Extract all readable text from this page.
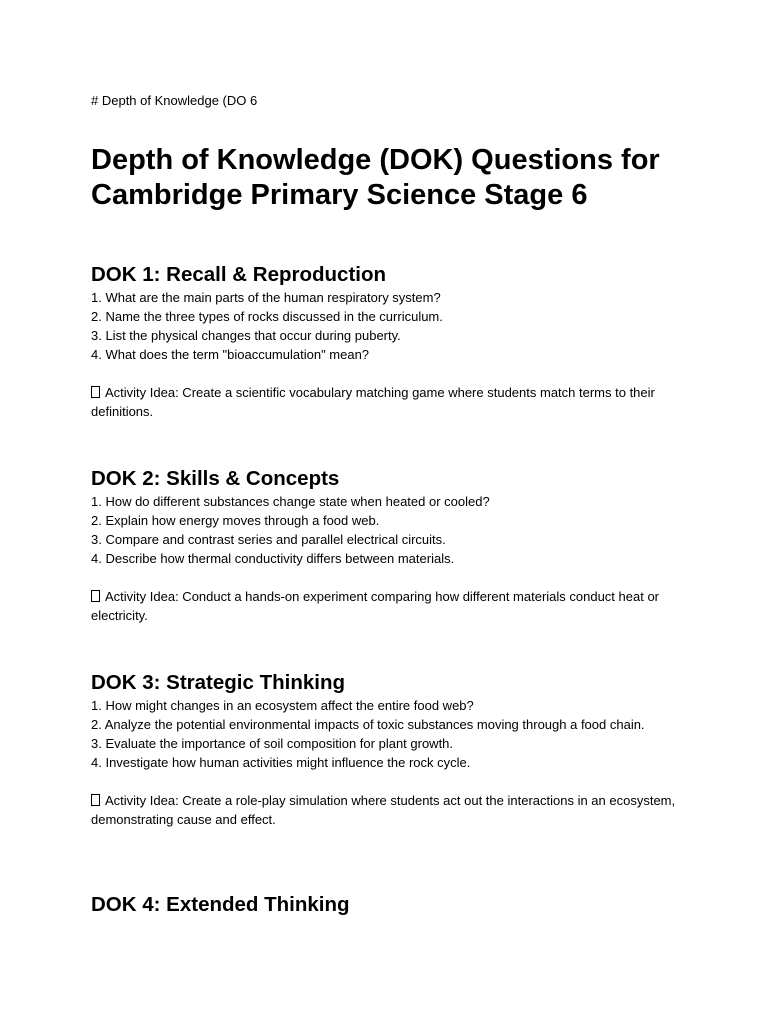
# Depth of Knowledge (DO 6
Depth of Knowledge (DOK) Questions for Cambridge Primary Science Stage 6
DOK 1: Recall & Reproduction
1. What are the main parts of the human respiratory system?
2. Name the three types of rocks discussed in the curriculum.
3. List the physical changes that occur during puberty.
4. What does the term "bioaccumulation" mean?

Activity Idea: Create a scientific vocabulary matching game where students match terms to their definitions.

DOK 2: Skills & Concepts
1. How do different substances change state when heated or cooled?
2. Explain how energy moves through a food web.
3. Compare and contrast series and parallel electrical circuits.
4. Describe how thermal conductivity differs between materials.

Activity Idea: Conduct a hands-on experiment comparing how different materials conduct heat or electricity.

DOK 3: Strategic Thinking
1. How might changes in an ecosystem affect the entire food web?
2. Analyze the potential environmental impacts of toxic substances moving through a food chain.
3. Evaluate the importance of soil composition for plant growth.
4. Investigate how human activities might influence the rock cycle.

Activity Idea: Create a role-play simulation where students act out the interactions in an ecosystem, demonstrating cause and effect.

DOK 4: Extended Thinking
